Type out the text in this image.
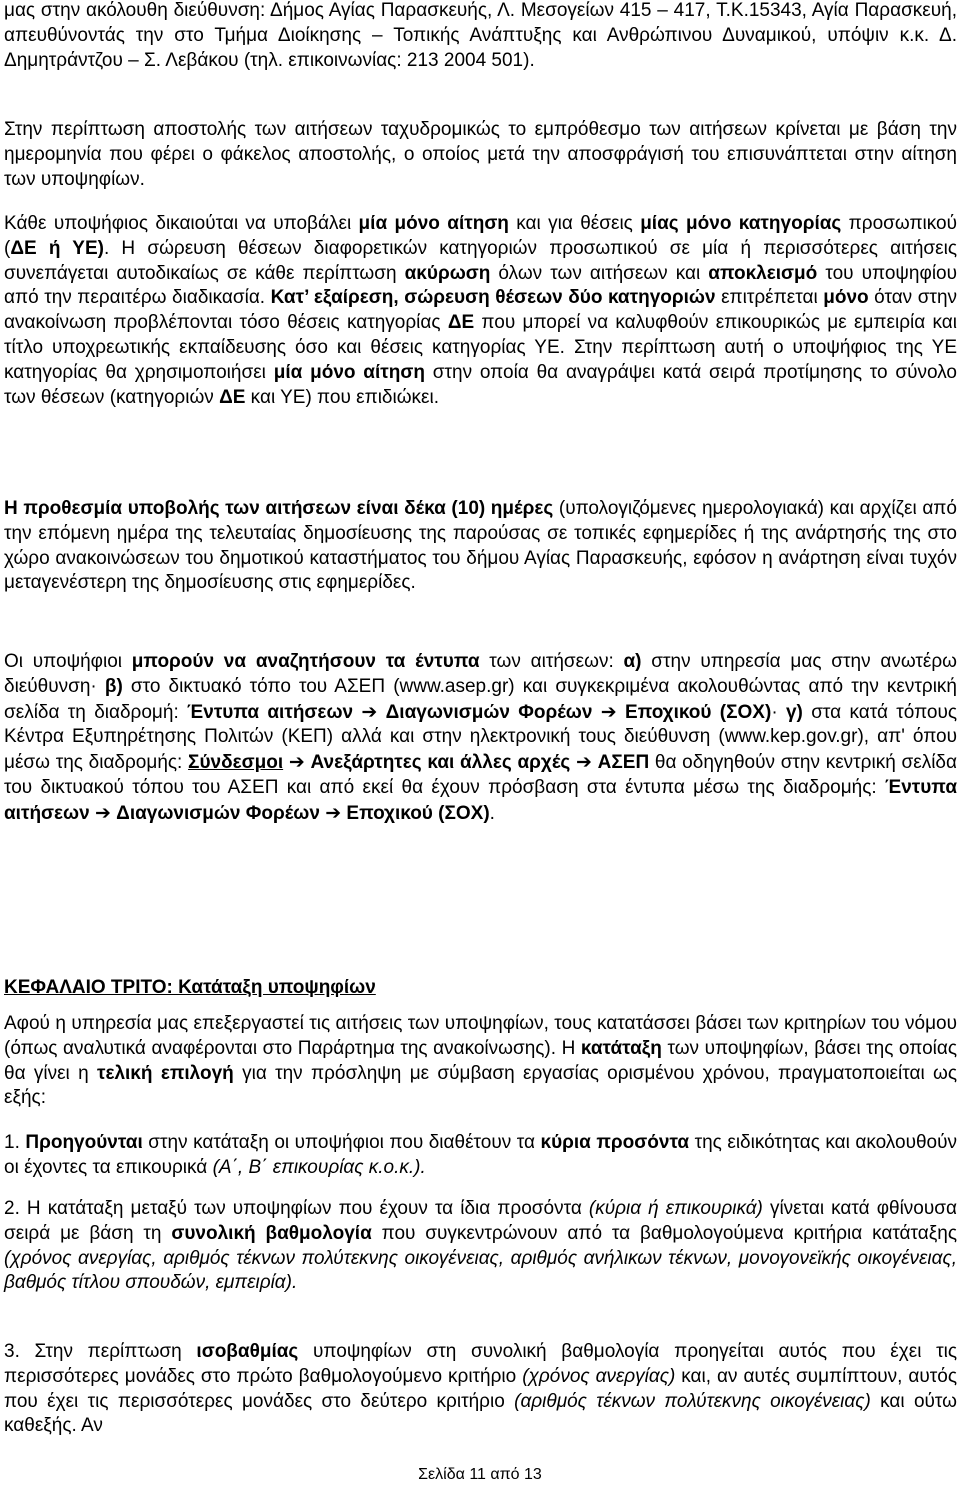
μας στην ακόλουθη διεύθυνση: Δήμος Αγίας Παρασκευής, Λ. Μεσογείων 415 – 417, Τ.Κ.15343, Αγία Παρασκευή, απευθύνοντάς την στο Τμήμα Διοίκησης – Τοπικής Ανάπτυξης και Ανθρώπινου Δυναμικού, υπόψιν κ.κ. Δ. Δημητράντζου – Σ. Λεβάκου (τηλ. επικοινωνίας: 213 2004 501).

Στην περίπτωση αποστολής των αιτήσεων ταχυδρομικώς το εμπρόθεσμο των αιτήσεων κρίνεται με βάση την ημερομηνία που φέρει ο φάκελος αποστολής, ο οποίος μετά την αποσφράγισή του επισυνάπτεται στην αίτηση των υποψηφίων.

Κάθε υποψήφιος δικαιούται να υποβάλει μία μόνο αίτηση και για θέσεις μίας μόνο κατηγορίας προσωπικού (ΔΕ ή ΥΕ). Η σώρευση θέσεων διαφορετικών κατηγοριών προσωπικού σε μία ή περισσότερες αιτήσεις συνεπάγεται αυτοδικαίως σε κάθε περίπτωση ακύρωση όλων των αιτήσεων και αποκλεισμό του υποψηφίου από την περαιτέρω διαδικασία. Κατ’ εξαίρεση, σώρευση θέσεων δύο κατηγοριών επιτρέπεται μόνο όταν στην ανακοίνωση προβλέπονται τόσο θέσεις κατηγορίας ΔΕ που μπορεί να καλυφθούν επικουρικώς με εμπειρία και τίτλο υποχρεωτικής εκπαίδευσης όσο και θέσεις κατηγορίας ΥΕ. Στην περίπτωση αυτή ο υποψήφιος της ΥΕ κατηγορίας θα χρησιμοποιήσει μία μόνο αίτηση στην οποία θα αναγράψει κατά σειρά προτίμησης το σύνολο των θέσεων (κατηγοριών ΔΕ και ΥΕ) που επιδιώκει.

Η προθεσμία υποβολής των αιτήσεων είναι δέκα (10) ημέρες (υπολογιζόμενες ημερολογιακά) και αρχίζει από την επόμενη ημέρα της τελευταίας δημοσίευσης της παρούσας σε τοπικές εφημερίδες ή της ανάρτησής της στο χώρο ανακοινώσεων του δημοτικού καταστήματος του δήμου Αγίας Παρασκευής, εφόσον η ανάρτηση είναι τυχόν μεταγενέστερη της δημοσίευσης στις εφημερίδες.

Οι υποψήφιοι μπορούν να αναζητήσουν τα έντυπα των αιτήσεων: α) στην υπηρεσία μας στην ανωτέρω διεύθυνση· β) στο δικτυακό τόπο του ΑΣΕΠ (www.asep.gr) και συγκεκριμένα ακολουθώντας από την κεντρική σελίδα τη διαδρομή: Έντυπα αιτήσεων ➔ Διαγωνισμών Φορέων ➔ Εποχικού (ΣΟΧ)· γ) στα κατά τόπους Κέντρα Εξυπηρέτησης Πολιτών (ΚΕΠ) αλλά και στην ηλεκτρονική τους διεύθυνση (www.kep.gov.gr), απ' όπου μέσω της διαδρομής: Σύνδεσμοι ➔ Ανεξάρτητες και άλλες αρχές ➔ ΑΣΕΠ θα οδηγηθούν στην κεντρική σελίδα του δικτυακού τόπου του ΑΣΕΠ και από εκεί θα έχουν πρόσβαση στα έντυπα μέσω της διαδρομής: Έντυπα αιτήσεων ➔ Διαγωνισμών Φορέων ➔ Εποχικού (ΣΟΧ).

ΚΕΦΑΛΑΙΟ ΤΡΙΤΟ: Κατάταξη υποψηφίων

Αφού η υπηρεσία μας επεξεργαστεί τις αιτήσεις των υποψηφίων, τους κατατάσσει βάσει των κριτηρίων του νόμου (όπως αναλυτικά αναφέρονται στο Παράρτημα της ανακοίνωσης). Η κατάταξη των υποψηφίων, βάσει της οποίας θα γίνει η τελική επιλογή για την πρόσληψη με σύμβαση εργασίας ορισμένου χρόνου, πραγματοποιείται ως εξής:

1. Προηγούνται στην κατάταξη οι υποψήφιοι που διαθέτουν τα κύρια προσόντα της ειδικότητας και ακολουθούν οι έχοντες τα επικουρικά (Α΄, Β΄ επικουρίας κ.ο.κ.).

2. Η κατάταξη μεταξύ των υποψηφίων που έχουν τα ίδια προσόντα (κύρια ή επικουρικά) γίνεται κατά φθίνουσα σειρά με βάση τη συνολική βαθμολογία που συγκεντρώνουν από τα βαθμολογούμενα κριτήρια κατάταξης (χρόνος ανεργίας, αριθμός τέκνων πολύτεκνης οικογένειας, αριθμός ανήλικων τέκνων, μονογονεϊκής οικογένειας, βαθμός τίτλου σπουδών, εμπειρία).

3. Στην περίπτωση ισοβαθμίας υποψηφίων στη συνολική βαθμολογία προηγείται αυτός που έχει τις περισσότερες μονάδες στο πρώτο βαθμολογούμενο κριτήριο (χρόνος ανεργίας) και, αν αυτές συμπίπτουν, αυτός που έχει τις περισσότερες μονάδες στο δεύτερο κριτήριο (αριθμός τέκνων πολύτεκνης οικογένειας) και ούτω καθεξής. Αν

Σελίδα 11 από 13
